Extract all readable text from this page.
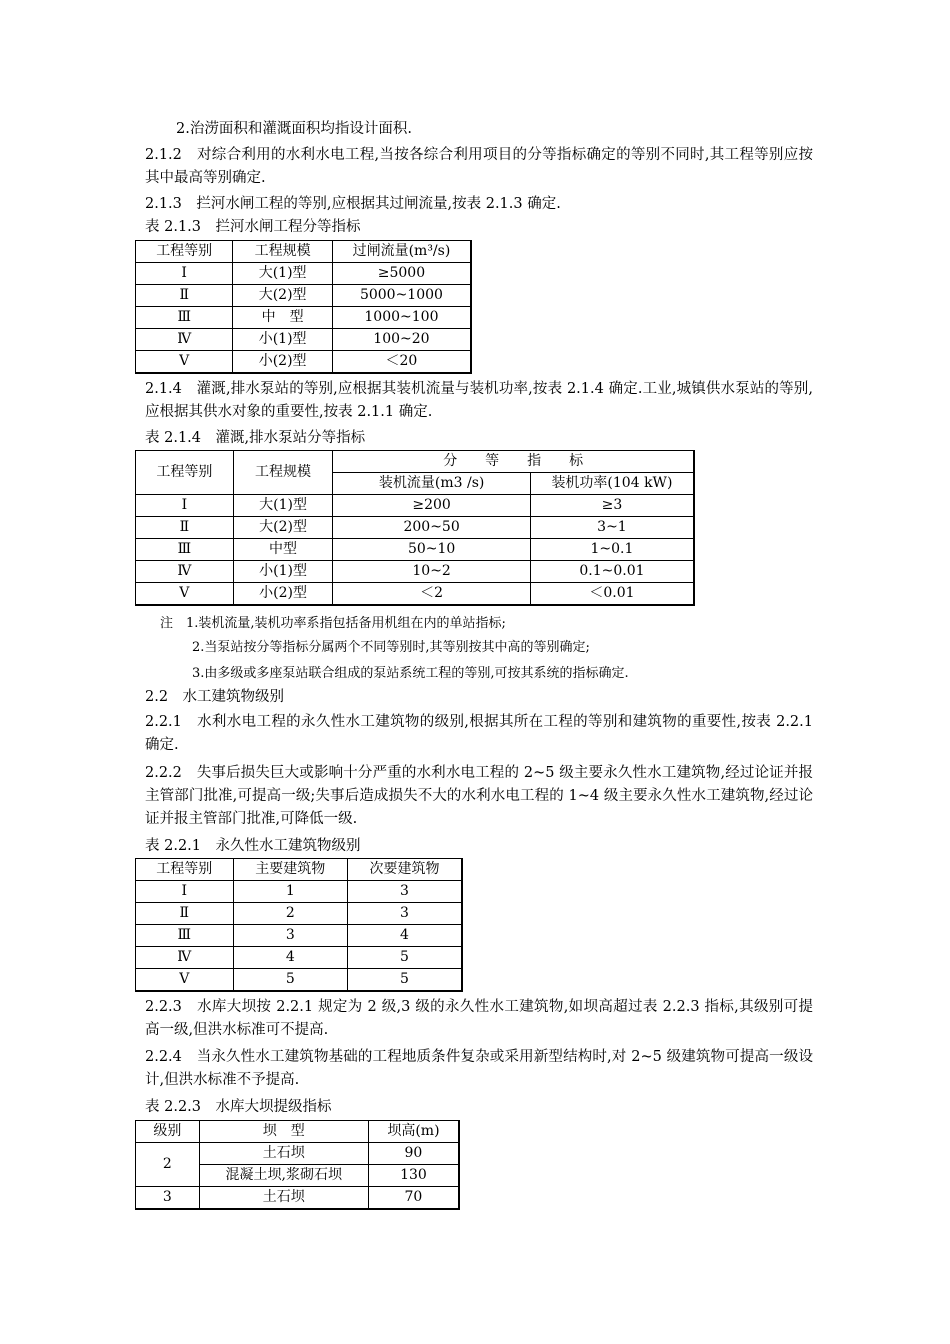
2.治涝面积和灌溉面积均指设计面积.

2.1.2　对综合利用的水利水电工程,当按各综合利用项目的分等指标确定的等别不同时,其工程等别应按其中最高等别确定.

2.1.3　拦河水闸工程的等别,应根据其过闸流量,按表 2.1.3 确定.
表 2.1.3　拦河水闸工程分等指标
工程等别	工程规模	过闸流量(m³/s)
Ⅰ	大(1)型	≥5000
Ⅱ	大(2)型	5000~1000
Ⅲ	中　型	1000~100
Ⅳ	小(1)型	100~20
Ⅴ	小(2)型	＜20

2.1.4　灌溉,排水泵站的等别,应根据其装机流量与装机功率,按表 2.1.4 确定.工业,城镇供水泵站的等别,应根据其供水对象的重要性,按表 2.1.1 确定.

表 2.1.4　灌溉,排水泵站分等指标
工程等别	工程规模	分　　等　　指　　标	
		装机流量(m3 /s)	装机功率(104 kW)
Ⅰ	大(1)型	≥200	≥3
Ⅱ	大(2)型	200~50	3~1
Ⅲ	中型	50~10	1~0.1
Ⅳ	小(1)型	10~2	0.1~0.01
Ⅴ	小(2)型	＜2	＜0.01
注　1.装机流量,装机功率系指包括备用机组在内的单站指标;
2.当泵站按分等指标分属两个不同等别时,其等别按其中高的等别确定;
3.由多级或多座泵站联合组成的泵站系统工程的等别,可按其系统的指标确定.
2.2　水工建筑物级别

2.2.1　水利水电工程的永久性水工建筑物的级别,根据其所在工程的等别和建筑物的重要性,按表 2.2.1 确定.

2.2.2　失事后损失巨大或影响十分严重的水利水电工程的 2~5 级主要永久性水工建筑物,经过论证并报主管部门批准,可提高一级;失事后造成损失不大的水利水电工程的 1~4 级主要永久性水工建筑物,经过论证并报主管部门批准,可降低一级.

表 2.2.1　永久性水工建筑物级别
工程等别	主要建筑物	次要建筑物
Ⅰ	1	3
Ⅱ	2	3
Ⅲ	3	4
Ⅳ	4	5
Ⅴ	5	5

2.2.3　水库大坝按 2.2.1 规定为 2 级,3 级的永久性水工建筑物,如坝高超过表 2.2.3 指标,其级别可提高一级,但洪水标准可不提高.

2.2.4　当永久性水工建筑物基础的工程地质条件复杂或采用新型结构时,对 2~5 级建筑物可提高一级设计,但洪水标准不予提高.

表 2.2.3　水库大坝提级指标
级别	坝　型	坝高(m)
2	土石坝	90
	混凝土坝,浆砌石坝	130
3	土石坝	70
